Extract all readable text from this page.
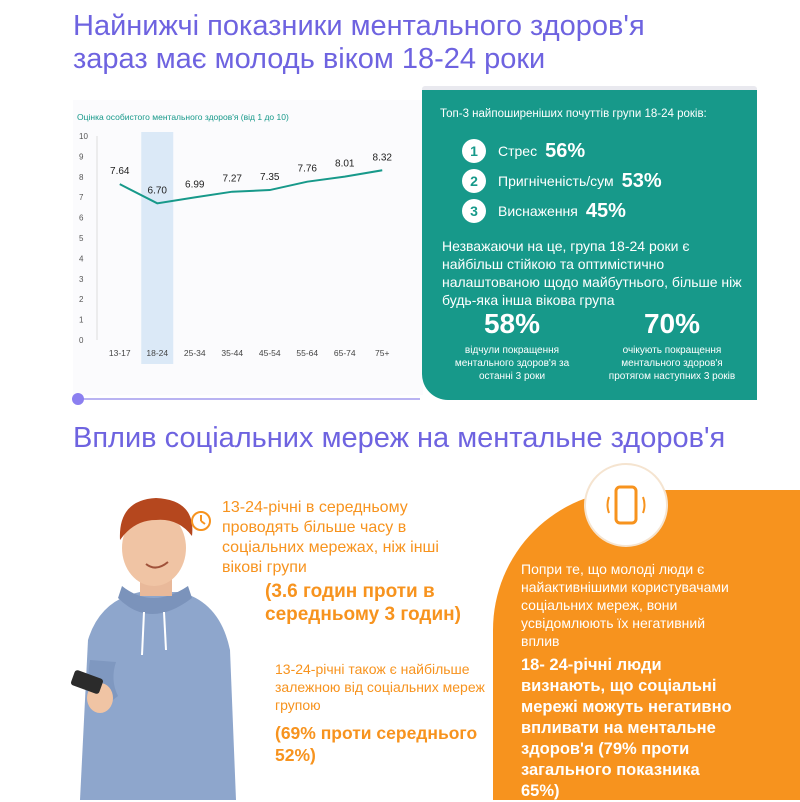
Найнижчі показники ментального здоров'я зараз має молодь віком 18-24 роки
Оцінка особистого ментального здоров'я (від 1 до 10)
0
1
2
3
4
5
6
7
8
9
10
13-17 18-24 25-34 35-44 45-54 55-64 65-74 75+
7.64
6.70
6.99
7.27 7.35
7.76 8.01
8.32
Топ-3 найпоширеніших почуттів групи 18-24 років:
1	Стрес 56%
2	Пригніченість/сум 53%
3	Виснаження 45%
Незважаючи на це, група 18-24 роки є найбільш стійкою та оптимістично налаштованою щодо майбутнього, більше ніж будь-яка інша вікова група
58%
відчули покращення ментального здоров'я за останні 3 роки
70%
очікують покращення ментального здоров'я протягом наступних 3 років
Вплив соціальних мереж на ментальне здоров'я
13-24-річні в середньому проводять більше часу в соціальних мережах, ніж інші вікові групи
(3.6 годин проти в середньому 3 годин)
13-24-річні також є найбільше залежною від соціальних мереж групою
(69% проти середнього 52%)
Попри те, що молоді люди є найактивнішими користувачами соціальних мереж, вони усвідомлюють їх негативний вплив
18- 24-річні люди визнають, що соціальні мережі можуть негативно впливати на ментальне здоров'я (79% проти загального показника 65%)
